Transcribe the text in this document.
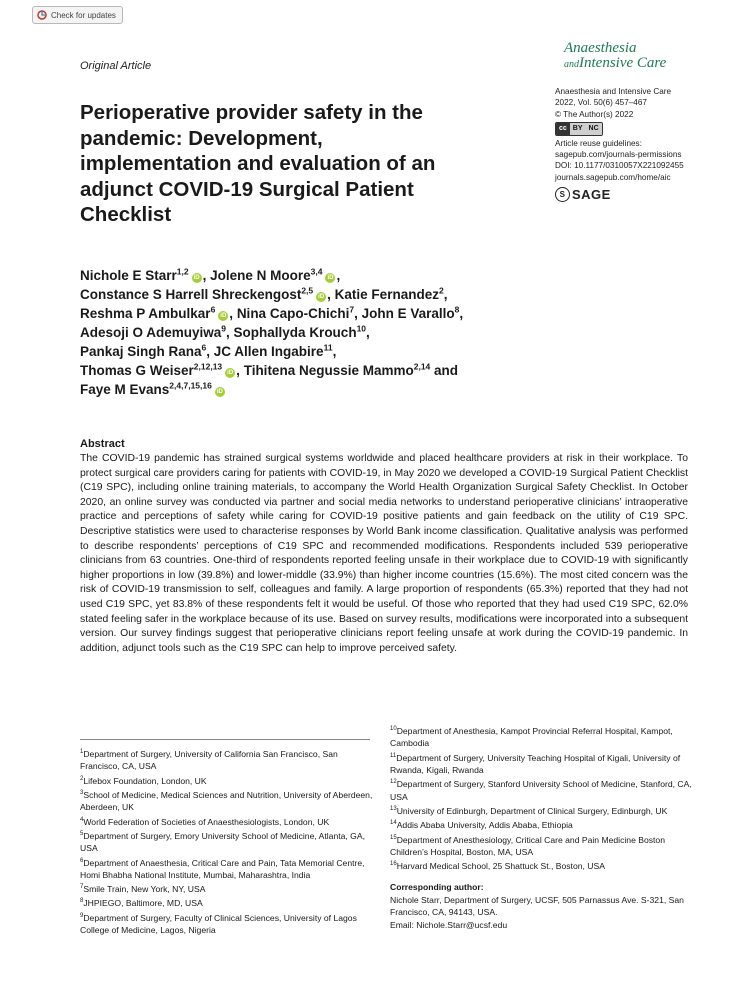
Check for updates
Original Article
Anaesthesia
andIntensive Care
Anaesthesia and Intensive Care
2022, Vol. 50(6) 457–467
© The Author(s) 2022
cc BY NC
Article reuse guidelines:
sagepub.com/journals-permissions
DOI: 10.1177/0310057X221092455
journals.sagepub.com/home/aic
S SAGE
Perioperative provider safety in the pandemic: Development, implementation and evaluation of an adjunct COVID-19 Surgical Patient Checklist
Nichole E Starr$^{1,2}$iD , Jolene N Moore$^{3,4}$iD ,
Constance S Harrell Shreckengost$^{2,5}$iD , Katie Fernandez$^2$,
Reshma P Ambulkar$^6$iD , Nina Capo-Chichi$^7$, John E Varallo$^8$,
Adesoji O Ademuyiwa$^9$, Sophallyda Krouch$^{10}$,
Pankaj Singh Rana$^6$, JC Allen Ingabire$^{11}$,
Thomas G Weiser$^{2,12,13}$iD , Tihitena Negussie Mammo$^{2,14}$ and
Faye M Evans$^{2,4,7,15,16}$iD
Abstract

The COVID-19 pandemic has strained surgical systems worldwide and placed healthcare providers at risk in their workplace. To protect surgical care providers caring for patients with COVID-19, in May 2020 we developed a COVID-19 Surgical Patient Checklist (C19 SPC), including online training materials, to accompany the World Health Organization Surgical Safety Checklist. In October 2020, an online survey was conducted via partner and social media networks to understand perioperative clinicians’ intraoperative practice and perceptions of safety while caring for COVID-19 positive patients and gain feedback on the utility of C19 SPC. Descriptive statistics were used to characterise responses by World Bank income classification. Qualitative analysis was performed to describe respondents’ perceptions of C19 SPC and recommended modifications. Respondents included 539 perioperative clinicians from 63 countries. One-third of respondents reported feeling unsafe in their workplace due to COVID-19 with significantly higher proportions in low (39.8%) and lower-middle (33.9%) than higher income countries (15.6%). The most cited concern was the risk of COVID-19 transmission to self, colleagues and family. A large proportion of respondents (65.3%) reported that they had not used C19 SPC, yet 83.8% of these respondents felt it would be useful. Of those who reported that they had used C19 SPC, 62.0% stated feeling safer in the workplace because of its use. Based on survey results, modifications were incorporated into a subsequent version. Our survey findings suggest that perioperative clinicians report feeling unsafe at work during the COVID-19 pandemic. In addition, adjunct tools such as the C19 SPC can help to improve perceived safety.

$^1$Department of Surgery, University of California San Francisco, San Francisco, CA, USA

$^2$Lifebox Foundation, London, UK

$^3$School of Medicine, Medical Sciences and Nutrition, University of Aberdeen, Aberdeen, UK

$^4$World Federation of Societies of Anaesthesiologists, London, UK

$^5$Department of Surgery, Emory University School of Medicine, Atlanta, GA, USA

$^6$Department of Anaesthesia, Critical Care and Pain, Tata Memorial Centre, Homi Bhabha National Institute, Mumbai, Maharashtra, India

$^7$Smile Train, New York, NY, USA

$^8$JHPIEGO, Baltimore, MD, USA

$^9$Department of Surgery, Faculty of Clinical Sciences, University of Lagos College of Medicine, Lagos, Nigeria

$^{10}$Department of Anesthesia, Kampot Provincial Referral Hospital, Kampot, Cambodia

$^{11}$Department of Surgery, University Teaching Hospital of Kigali, University of Rwanda, Kigali, Rwanda

$^{12}$Department of Surgery, Stanford University School of Medicine, Stanford, CA, USA

$^{13}$University of Edinburgh, Department of Clinical Surgery, Edinburgh, UK

$^{14}$Addis Ababa University, Addis Ababa, Ethiopia

$^{15}$Department of Anesthesiology, Critical Care and Pain Medicine Boston Children’s Hospital, Boston, MA, USA

$^{16}$Harvard Medical School, 25 Shattuck St., Boston, USA

Corresponding author:
Nichole Starr, Department of Surgery, UCSF, 505 Parnassus Ave. S-321, San Francisco, CA, 94143, USA.
Email: Nichole.Starr@ucsf.edu
